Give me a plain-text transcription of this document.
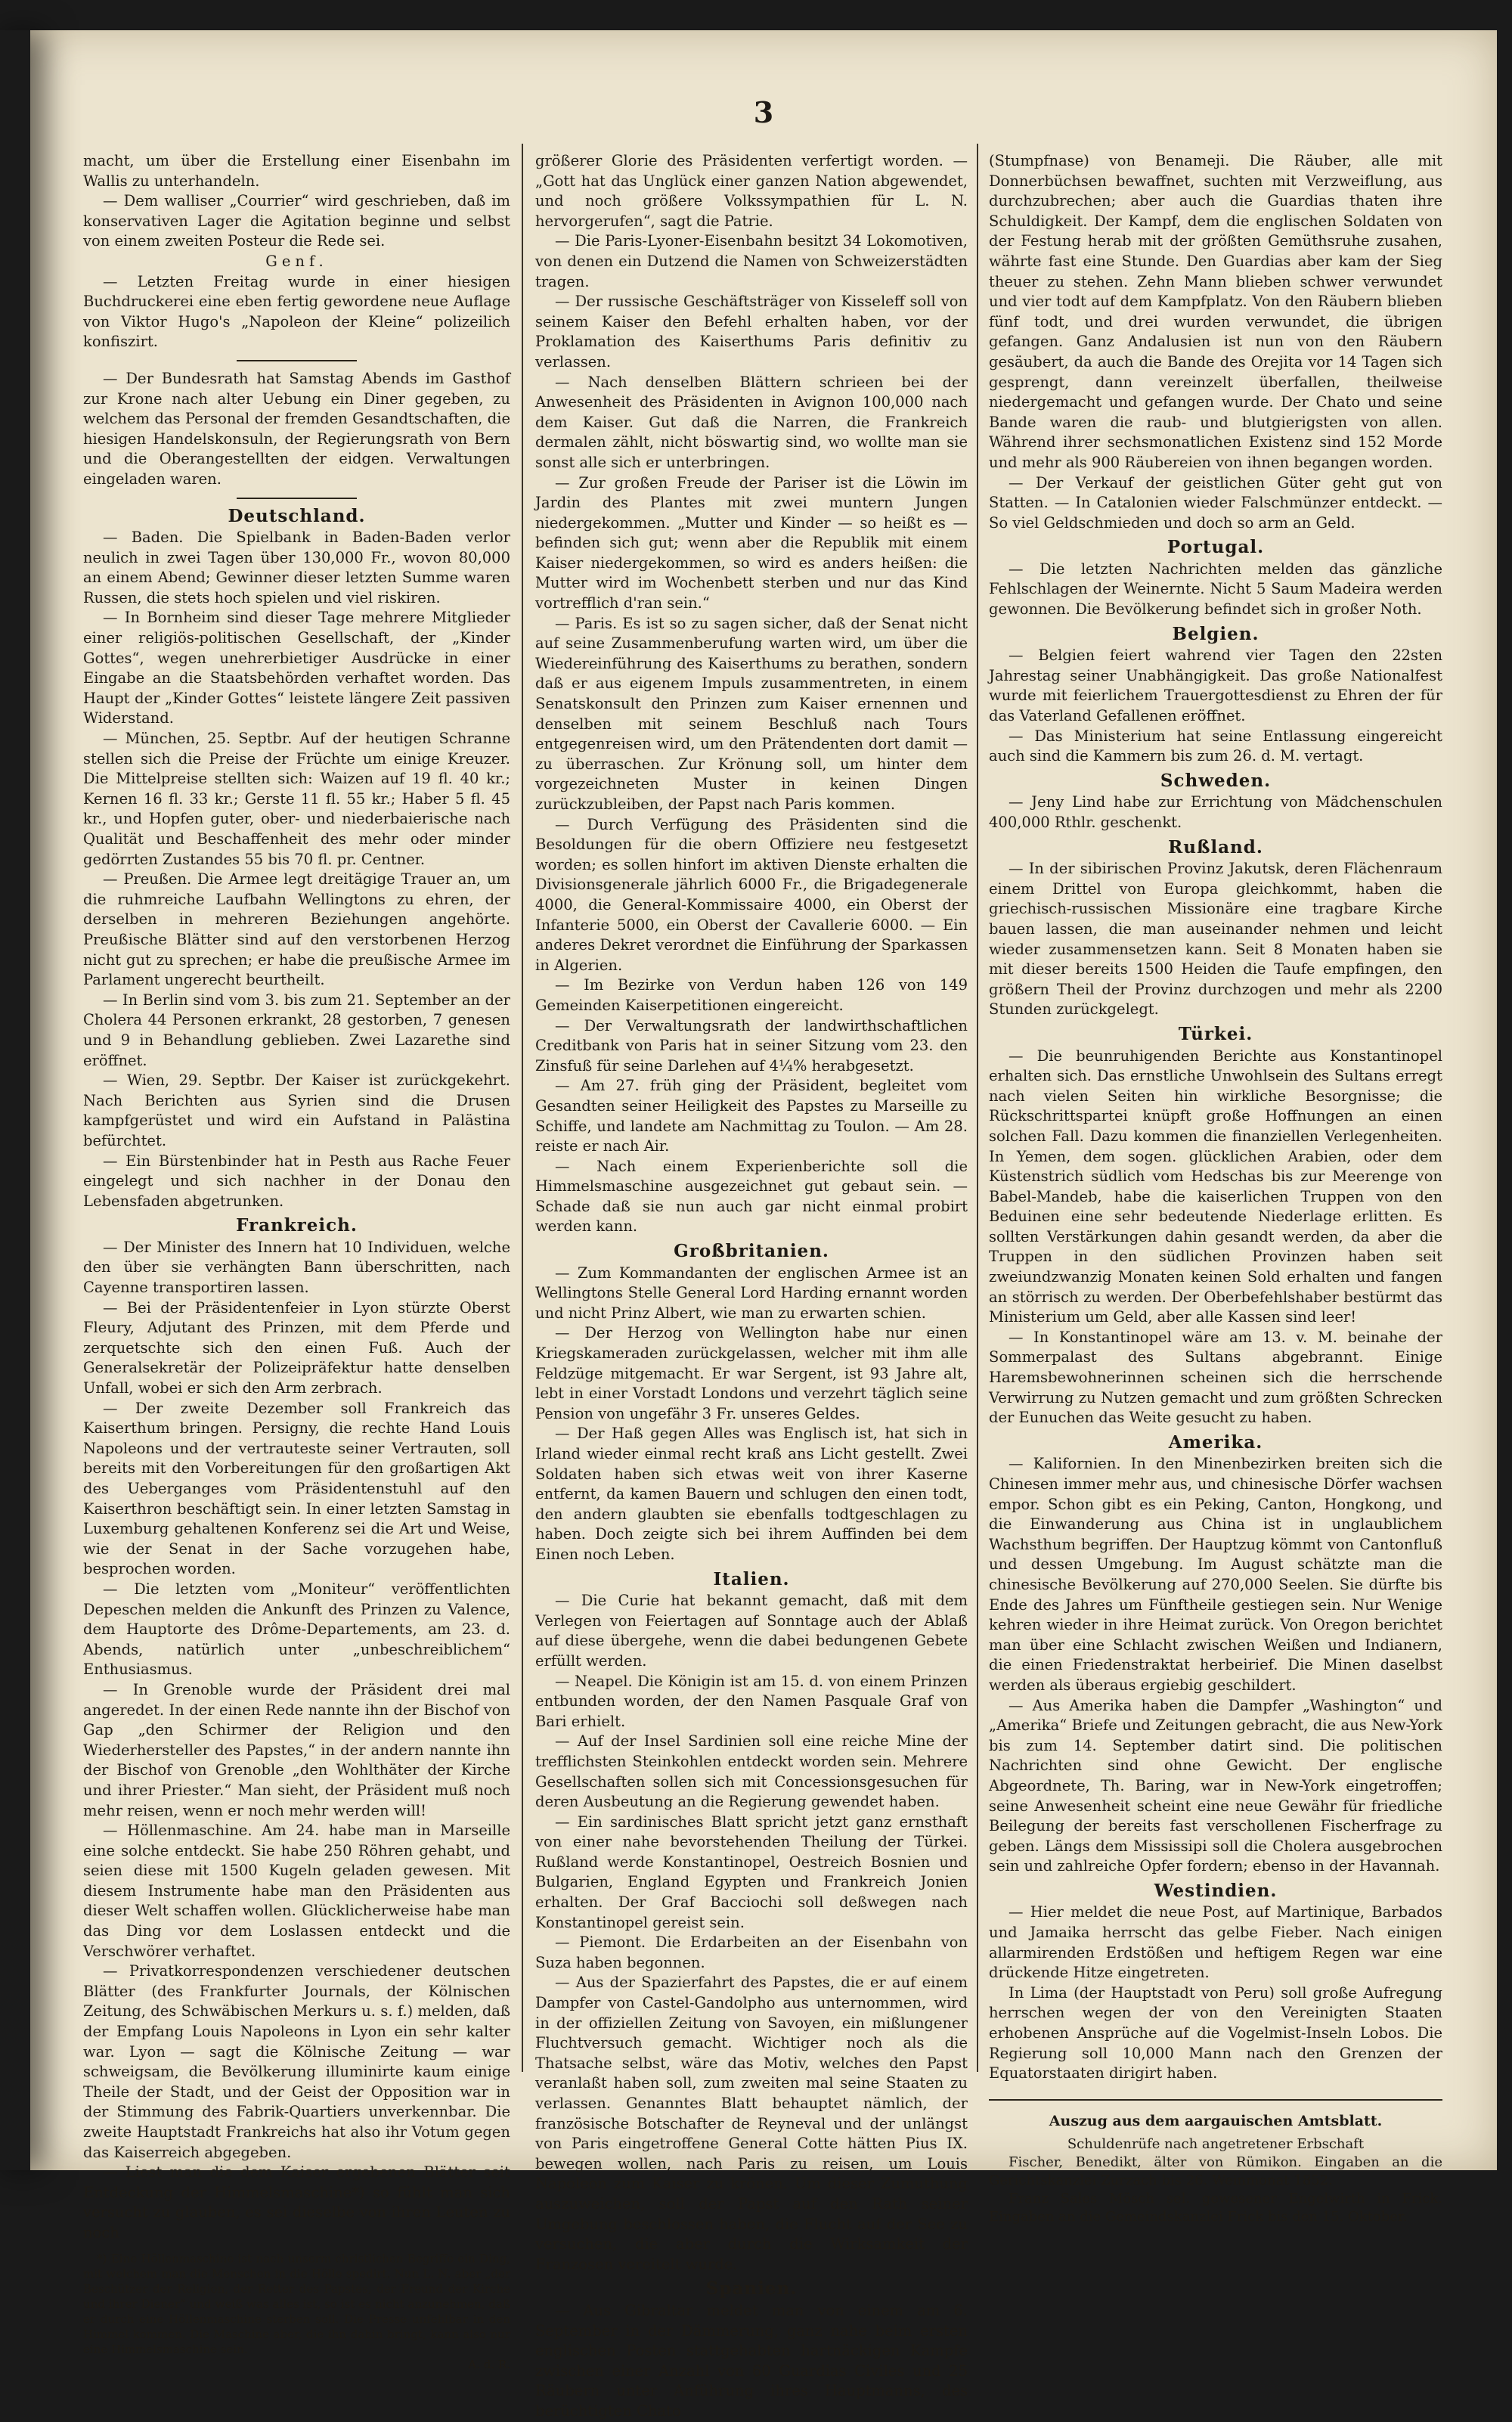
3

macht, um über die Erstellung einer Eisenbahn im Wallis zu unterhandeln.

— Dem walliser „Courrier“ wird geschrieben, daß im konservativen Lager die Agitation beginne und selbst von einem zweiten Posteur die Rede sei.

Genf.

— Letzten Freitag wurde in einer hiesigen Buchdruckerei eine eben fertig gewordene neue Auflage von Viktor Hugo's „Napoleon der Kleine“ polizeilich konfiszirt.

— Der Bundesrath hat Samstag Abends im Gasthof zur Krone nach alter Uebung ein Diner gegeben, zu welchem das Personal der fremden Gesandtschaften, die hiesigen Handelskonsuln, der Regierungsrath von Bern und die Oberangestellten der eidgen. Verwaltungen eingeladen waren.

Deutschland.

— Baden. Die Spielbank in Baden-Baden verlor neulich in zwei Tagen über 130,000 Fr., wovon 80,000 an einem Abend; Gewinner dieser letzten Summe waren Russen, die stets hoch spielen und viel riskiren.

— In Bornheim sind dieser Tage mehrere Mitglieder einer religiös-politischen Gesellschaft, der „Kinder Gottes“, wegen unehrerbietiger Ausdrücke in einer Eingabe an die Staatsbehörden verhaftet worden. Das Haupt der „Kinder Gottes“ leistete längere Zeit passiven Widerstand.

— München, 25. Septbr. Auf der heutigen Schranne stellen sich die Preise der Früchte um einige Kreuzer. Die Mittelpreise stellten sich: Waizen auf 19 fl. 40 kr.; Kernen 16 fl. 33 kr.; Gerste 11 fl. 55 kr.; Haber 5 fl. 45 kr., und Hopfen guter, ober- und niederbaierische nach Qualität und Beschaffenheit des mehr oder minder gedörrten Zustandes 55 bis 70 fl. pr. Centner.

— Preußen. Die Armee legt dreitägige Trauer an, um die ruhmreiche Laufbahn Wellingtons zu ehren, der derselben in mehreren Beziehungen angehörte. Preußische Blätter sind auf den verstorbenen Herzog nicht gut zu sprechen; er habe die preußische Armee im Parlament ungerecht beurtheilt.

— In Berlin sind vom 3. bis zum 21. September an der Cholera 44 Personen erkrankt, 28 gestorben, 7 genesen und 9 in Behandlung geblieben. Zwei Lazarethe sind eröffnet.

— Wien, 29. Septbr. Der Kaiser ist zurückgekehrt. Nach Berichten aus Syrien sind die Drusen kampfgerüstet und wird ein Aufstand in Palästina befürchtet.

— Ein Bürstenbinder hat in Pesth aus Rache Feuer eingelegt und sich nachher in der Donau den Lebensfaden abgetrunken.

Frankreich.

— Der Minister des Innern hat 10 Individuen, welche den über sie verhängten Bann überschritten, nach Cayenne transportiren lassen.

— Bei der Präsidentenfeier in Lyon stürzte Oberst Fleury, Adjutant des Prinzen, mit dem Pferde und zerquetschte sich den einen Fuß. Auch der Generalsekretär der Polizeipräfektur hatte denselben Unfall, wobei er sich den Arm zerbrach.

— Der zweite Dezember soll Frankreich das Kaiserthum bringen. Persigny, die rechte Hand Louis Napoleons und der vertrauteste seiner Vertrauten, soll bereits mit den Vorbereitungen für den großartigen Akt des Ueberganges vom Präsidentenstuhl auf den Kaiserthron beschäftigt sein. In einer letzten Samstag in Luxemburg gehaltenen Konferenz sei die Art und Weise, wie der Senat in der Sache vorzugehen habe, besprochen worden.

— Die letzten vom „Moniteur“ veröffentlichten Depeschen melden die Ankunft des Prinzen zu Valence, dem Hauptorte des Drôme-Departements, am 23. d. Abends, natürlich unter „unbeschreiblichem“ Enthusiasmus.

— In Grenoble wurde der Präsident drei mal angeredet. In der einen Rede nannte ihn der Bischof von Gap „den Schirmer der Religion und den Wiederhersteller des Papstes,“ in der andern nannte ihn der Bischof von Grenoble „den Wohlthäter der Kirche und ihrer Priester.“ Man sieht, der Präsident muß noch mehr reisen, wenn er noch mehr werden will!

— Höllenmaschine. Am 24. habe man in Marseille eine solche entdeckt. Sie habe 250 Röhren gehabt, und seien diese mit 1500 Kugeln geladen gewesen. Mit diesem Instrumente habe man den Präsidenten aus dieser Welt schaffen wollen. Glücklicherweise habe man das Ding vor dem Loslassen entdeckt und die Verschwörer verhaftet.

— Privatkorrespondenzen verschiedener deutschen Blätter (des Frankfurter Journals, der Kölnischen Zeitung, des Schwäbischen Merkurs u. s. f.) melden, daß der Empfang Louis Napoleons in Lyon ein sehr kalter war. Lyon — sagt die Kölnische Zeitung — war schweigsam, die Bevölkerung illuminirte kaum einige Theile der Stadt, und der Geist der Opposition war in der Stimmung des Fabrik-Quartiers unverkennbar. Die zweite Hauptstadt Frankreichs hat also ihr Votum gegen das Kaiserreich abgegeben.

— Liest man die dem Kaiser ergebenen Blätter seit Entdeckung der Himmelsmaschine*) so fühlt man sich versucht zu glauben, es sei dieselbe von ihren Leuten zu noch

*) Eine Höllenmaschine ist nach unserm christlichen Begriffe ein Ding, mit welchem man die Menschen in die Hölle spedirt. Nun L. N. aber „der Beschützer der Religion, der Retter des Papstes, der Freund der Kirche und ihrer Diener“ und weiß was alles ist, so ist es nicht anzunehmen, daß er durch eine Höllenmaschine sterben soll. Die Presse unfehlbar in den Himmel kommen. Die Maschine aber, die ihn dahin bringt, kann also nur eine Himmelsmaschine sein.

A. d. R.

größerer Glorie des Präsidenten verfertigt worden. — „Gott hat das Unglück einer ganzen Nation abgewendet, und noch größere Volkssympathien für L. N. hervorgerufen“, sagt die Patrie.

— Die Paris-Lyoner-Eisenbahn besitzt 34 Lokomotiven, von denen ein Dutzend die Namen von Schweizerstädten tragen.

— Der russische Geschäftsträger von Kisseleff soll von seinem Kaiser den Befehl erhalten haben, vor der Proklamation des Kaiserthums Paris definitiv zu verlassen.

— Nach denselben Blättern schrieen bei der Anwesenheit des Präsidenten in Avignon 100,000 nach dem Kaiser. Gut daß die Narren, die Frankreich dermalen zählt, nicht böswartig sind, wo wollte man sie sonst alle sich er unterbringen.

— Zur großen Freude der Pariser ist die Löwin im Jardin des Plantes mit zwei muntern Jungen niedergekommen. „Mutter und Kinder — so heißt es — befinden sich gut; wenn aber die Republik mit einem Kaiser niedergekommen, so wird es anders heißen: die Mutter wird im Wochenbett sterben und nur das Kind vortrefflich d'ran sein.“

— Paris. Es ist so zu sagen sicher, daß der Senat nicht auf seine Zusammenberufung warten wird, um über die Wiedereinführung des Kaiserthums zu berathen, sondern daß er aus eigenem Impuls zusammentreten, in einem Senatskonsult den Prinzen zum Kaiser ernennen und denselben mit seinem Beschluß nach Tours entgegenreisen wird, um den Prätendenten dort damit — zu überraschen. Zur Krönung soll, um hinter dem vorgezeichneten Muster in keinen Dingen zurückzubleiben, der Papst nach Paris kommen.

— Durch Verfügung des Präsidenten sind die Besoldungen für die obern Offiziere neu festgesetzt worden; es sollen hinfort im aktiven Dienste erhalten die Divisionsgenerale jährlich 6000 Fr., die Brigadegenerale 4000, die General-Kommissaire 4000, ein Oberst der Infanterie 5000, ein Oberst der Cavallerie 6000. — Ein anderes Dekret verordnet die Einführung der Sparkassen in Algerien.

— Im Bezirke von Verdun haben 126 von 149 Gemeinden Kaiserpetitionen eingereicht.

— Der Verwaltungsrath der landwirthschaftlichen Creditbank von Paris hat in seiner Sitzung vom 23. den Zinsfuß für seine Darlehen auf 4¼% herabgesetzt.

— Am 27. früh ging der Präsident, begleitet vom Gesandten seiner Heiligkeit des Papstes zu Marseille zu Schiffe, und landete am Nachmittag zu Toulon. — Am 28. reiste er nach Air.

— Nach einem Experienberichte soll die Himmelsmaschine ausgezeichnet gut gebaut sein. — Schade daß sie nun auch gar nicht einmal probirt werden kann.

Großbritanien.

— Zum Kommandanten der englischen Armee ist an Wellingtons Stelle General Lord Harding ernannt worden und nicht Prinz Albert, wie man zu erwarten schien.

— Der Herzog von Wellington habe nur einen Kriegskameraden zurückgelassen, welcher mit ihm alle Feldzüge mitgemacht. Er war Sergent, ist 93 Jahre alt, lebt in einer Vorstadt Londons und verzehrt täglich seine Pension von ungefähr 3 Fr. unseres Geldes.

— Der Haß gegen Alles was Englisch ist, hat sich in Irland wieder einmal recht kraß ans Licht gestellt. Zwei Soldaten haben sich etwas weit von ihrer Kaserne entfernt, da kamen Bauern und schlugen den einen todt, den andern glaubten sie ebenfalls todtgeschlagen zu haben. Doch zeigte sich bei ihrem Auffinden bei dem Einen noch Leben.

Italien.

— Die Curie hat bekannt gemacht, daß mit dem Verlegen von Feiertagen auf Sonntage auch der Ablaß auf diese übergehe, wenn die dabei bedungenen Gebete erfüllt werden.

— Neapel. Die Königin ist am 15. d. von einem Prinzen entbunden worden, der den Namen Pasquale Graf von Bari erhielt.

— Auf der Insel Sardinien soll eine reiche Mine der trefflichsten Steinkohlen entdeckt worden sein. Mehrere Gesellschaften sollen sich mit Concessionsgesuchen für deren Ausbeutung an die Regierung gewendet haben.

— Ein sardinisches Blatt spricht jetzt ganz ernsthaft von einer nahe bevorstehenden Theilung der Türkei. Rußland werde Konstantinopel, Oestreich Bosnien und Bulgarien, England Egypten und Frankreich Jonien erhalten. Der Graf Bacciochi soll deßwegen nach Konstantinopel gereist sein.

— Piemont. Die Erdarbeiten an der Eisenbahn von Suza haben begonnen.

— Aus der Spazierfahrt des Papstes, die er auf einem Dampfer von Castel-Gandolpho aus unternommen, wird in der offiziellen Zeitung von Savoyen, ein mißlungener Fluchtversuch gemacht. Wichtiger noch als die Thatsache selbst, wäre das Motiv, welches den Papst veranlaßt haben soll, zum zweiten mal seine Staaten zu verlassen. Genanntes Blatt behauptet nämlich, der französische Botschafter de Reyneval und der unlängst von Paris eingetroffene General Cotte hätten Pius IX. bewegen wollen, nach Paris zu reisen, um Louis Napoleon zum Kaiser zu krönen. Um dieser Zumuthung auszuweichen, soll der Papst auf den Rath seiner Umgebung beschlossen haben, die Flucht auf der See zu versuchen, die aber durch die Wirksamkeit der Franzosen vereitelt wurde.

Spanien.

— Aus Gibraltar meldet man von einem am 6. September in der Dämmerung, ganz nahe beim ersten englischen Posten stattgehabten hartnäckigen Kampfe zwischen einer Anzahl von 60 Guardias Civiles und 25 Räubern unter Anführung ihres Hauptmanns, des berüchtigten Chato

(Stumpfnase) von Benameji. Die Räuber, alle mit Donnerbüchsen bewaffnet, suchten mit Verzweiflung, aus durchzubrechen; aber auch die Guardias thaten ihre Schuldigkeit. Der Kampf, dem die englischen Soldaten von der Festung herab mit der größten Gemüthsruhe zusahen, währte fast eine Stunde. Den Guardias aber kam der Sieg theuer zu stehen. Zehn Mann blieben schwer verwundet und vier todt auf dem Kampfplatz. Von den Räubern blieben fünf todt, und drei wurden verwundet, die übrigen gefangen. Ganz Andalusien ist nun von den Räubern gesäubert, da auch die Bande des Orejita vor 14 Tagen sich gesprengt, dann vereinzelt überfallen, theilweise niedergemacht und gefangen wurde. Der Chato und seine Bande waren die raub- und blutgierigsten von allen. Während ihrer sechsmonatlichen Existenz sind 152 Morde und mehr als 900 Räubereien von ihnen begangen worden.

— Der Verkauf der geistlichen Güter geht gut von Statten. — In Catalonien wieder Falschmünzer entdeckt. — So viel Geldschmieden und doch so arm an Geld.

Portugal.

— Die letzten Nachrichten melden das gänzliche Fehlschlagen der Weinernte. Nicht 5 Saum Madeira werden gewonnen. Die Bevölkerung befindet sich in großer Noth.

Belgien.

— Belgien feiert wahrend vier Tagen den 22sten Jahrestag seiner Unabhängigkeit. Das große Nationalfest wurde mit feierlichem Trauergottesdienst zu Ehren der für das Vaterland Gefallenen eröffnet.

— Das Ministerium hat seine Entlassung eingereicht auch sind die Kammern bis zum 26. d. M. vertagt.

Schweden.

— Jeny Lind habe zur Errichtung von Mädchenschulen 400,000 Rthlr. geschenkt.

Rußland.

— In der sibirischen Provinz Jakutsk, deren Flächenraum einem Drittel von Europa gleichkommt, haben die griechisch-russischen Missionäre eine tragbare Kirche bauen lassen, die man auseinander nehmen und leicht wieder zusammensetzen kann. Seit 8 Monaten haben sie mit dieser bereits 1500 Heiden die Taufe empfingen, den größern Theil der Provinz durchzogen und mehr als 2200 Stunden zurückgelegt.

Türkei.

— Die beunruhigenden Berichte aus Konstantinopel erhalten sich. Das ernstliche Unwohlsein des Sultans erregt nach vielen Seiten hin wirkliche Besorgnisse; die Rückschrittspartei knüpft große Hoffnungen an einen solchen Fall. Dazu kommen die finanziellen Verlegenheiten. In Yemen, dem sogen. glücklichen Arabien, oder dem Küstenstrich südlich vom Hedschas bis zur Meerenge von Babel-Mandeb, habe die kaiserlichen Truppen von den Beduinen eine sehr bedeutende Niederlage erlitten. Es sollten Verstärkungen dahin gesandt werden, da aber die Truppen in den südlichen Provinzen haben seit zweiundzwanzig Monaten keinen Sold erhalten und fangen an störrisch zu werden. Der Oberbefehlshaber bestürmt das Ministerium um Geld, aber alle Kassen sind leer!

— In Konstantinopel wäre am 13. v. M. beinahe der Sommerpalast des Sultans abgebrannt. Einige Haremsbewohnerinnen scheinen sich die herrschende Verwirrung zu Nutzen gemacht und zum größten Schrecken der Eunuchen das Weite gesucht zu haben.

Amerika.

— Kalifornien. In den Minenbezirken breiten sich die Chinesen immer mehr aus, und chinesische Dörfer wachsen empor. Schon gibt es ein Peking, Canton, Hongkong, und die Einwanderung aus China ist in unglaublichem Wachsthum begriffen. Der Hauptzug kömmt von Cantonfluß und dessen Umgebung. Im August schätzte man die chinesische Bevölkerung auf 270,000 Seelen. Sie dürfte bis Ende des Jahres um Fünftheile gestiegen sein. Nur Wenige kehren wieder in ihre Heimat zurück. Von Oregon berichtet man über eine Schlacht zwischen Weißen und Indianern, die einen Friedenstraktat herbeirief. Die Minen daselbst werden als überaus ergiebig geschildert.

— Aus Amerika haben die Dampfer „Washington“ und „Amerika“ Briefe und Zeitungen gebracht, die aus New-York bis zum 14. September datirt sind. Die politischen Nachrichten sind ohne Gewicht. Der englische Abgeordnete, Th. Baring, war in New-York eingetroffen; seine Anwesenheit scheint eine neue Gewähr für friedliche Beilegung der bereits fast verschollenen Fischerfrage zu geben. Längs dem Mississipi soll die Cholera ausgebrochen sein und zahlreiche Opfer fordern; ebenso in der Havannah.

Westindien.

— Hier meldet die neue Post, auf Martinique, Barbados und Jamaika herrscht das gelbe Fieber. Nach einigen allarmirenden Erdstößen und heftigem Regen war eine drückende Hitze eingetreten.

In Lima (der Hauptstadt von Peru) soll große Aufregung herrschen wegen der von den Vereinigten Staaten erhobenen Ansprüche auf die Vogelmist-Inseln Lobos. Die Regierung soll 10,000 Mann nach den Grenzen der Equatorstaaten dirigirt haben.

Auszug aus dem aargauischen Amtsblatt.

Schuldenrüfe nach angetretener Erbschaft

Fischer, Benedikt, älter von Rümikon. Eingaben an die Gerichtskanzlei Zurzach bis 26. Weinmonat 1852.

Franz Sales Mösch sel. gewesener Engelwirth in Frick. Eingaben an die Gemeindskanzlei Frick bis den 15. Oktober.
